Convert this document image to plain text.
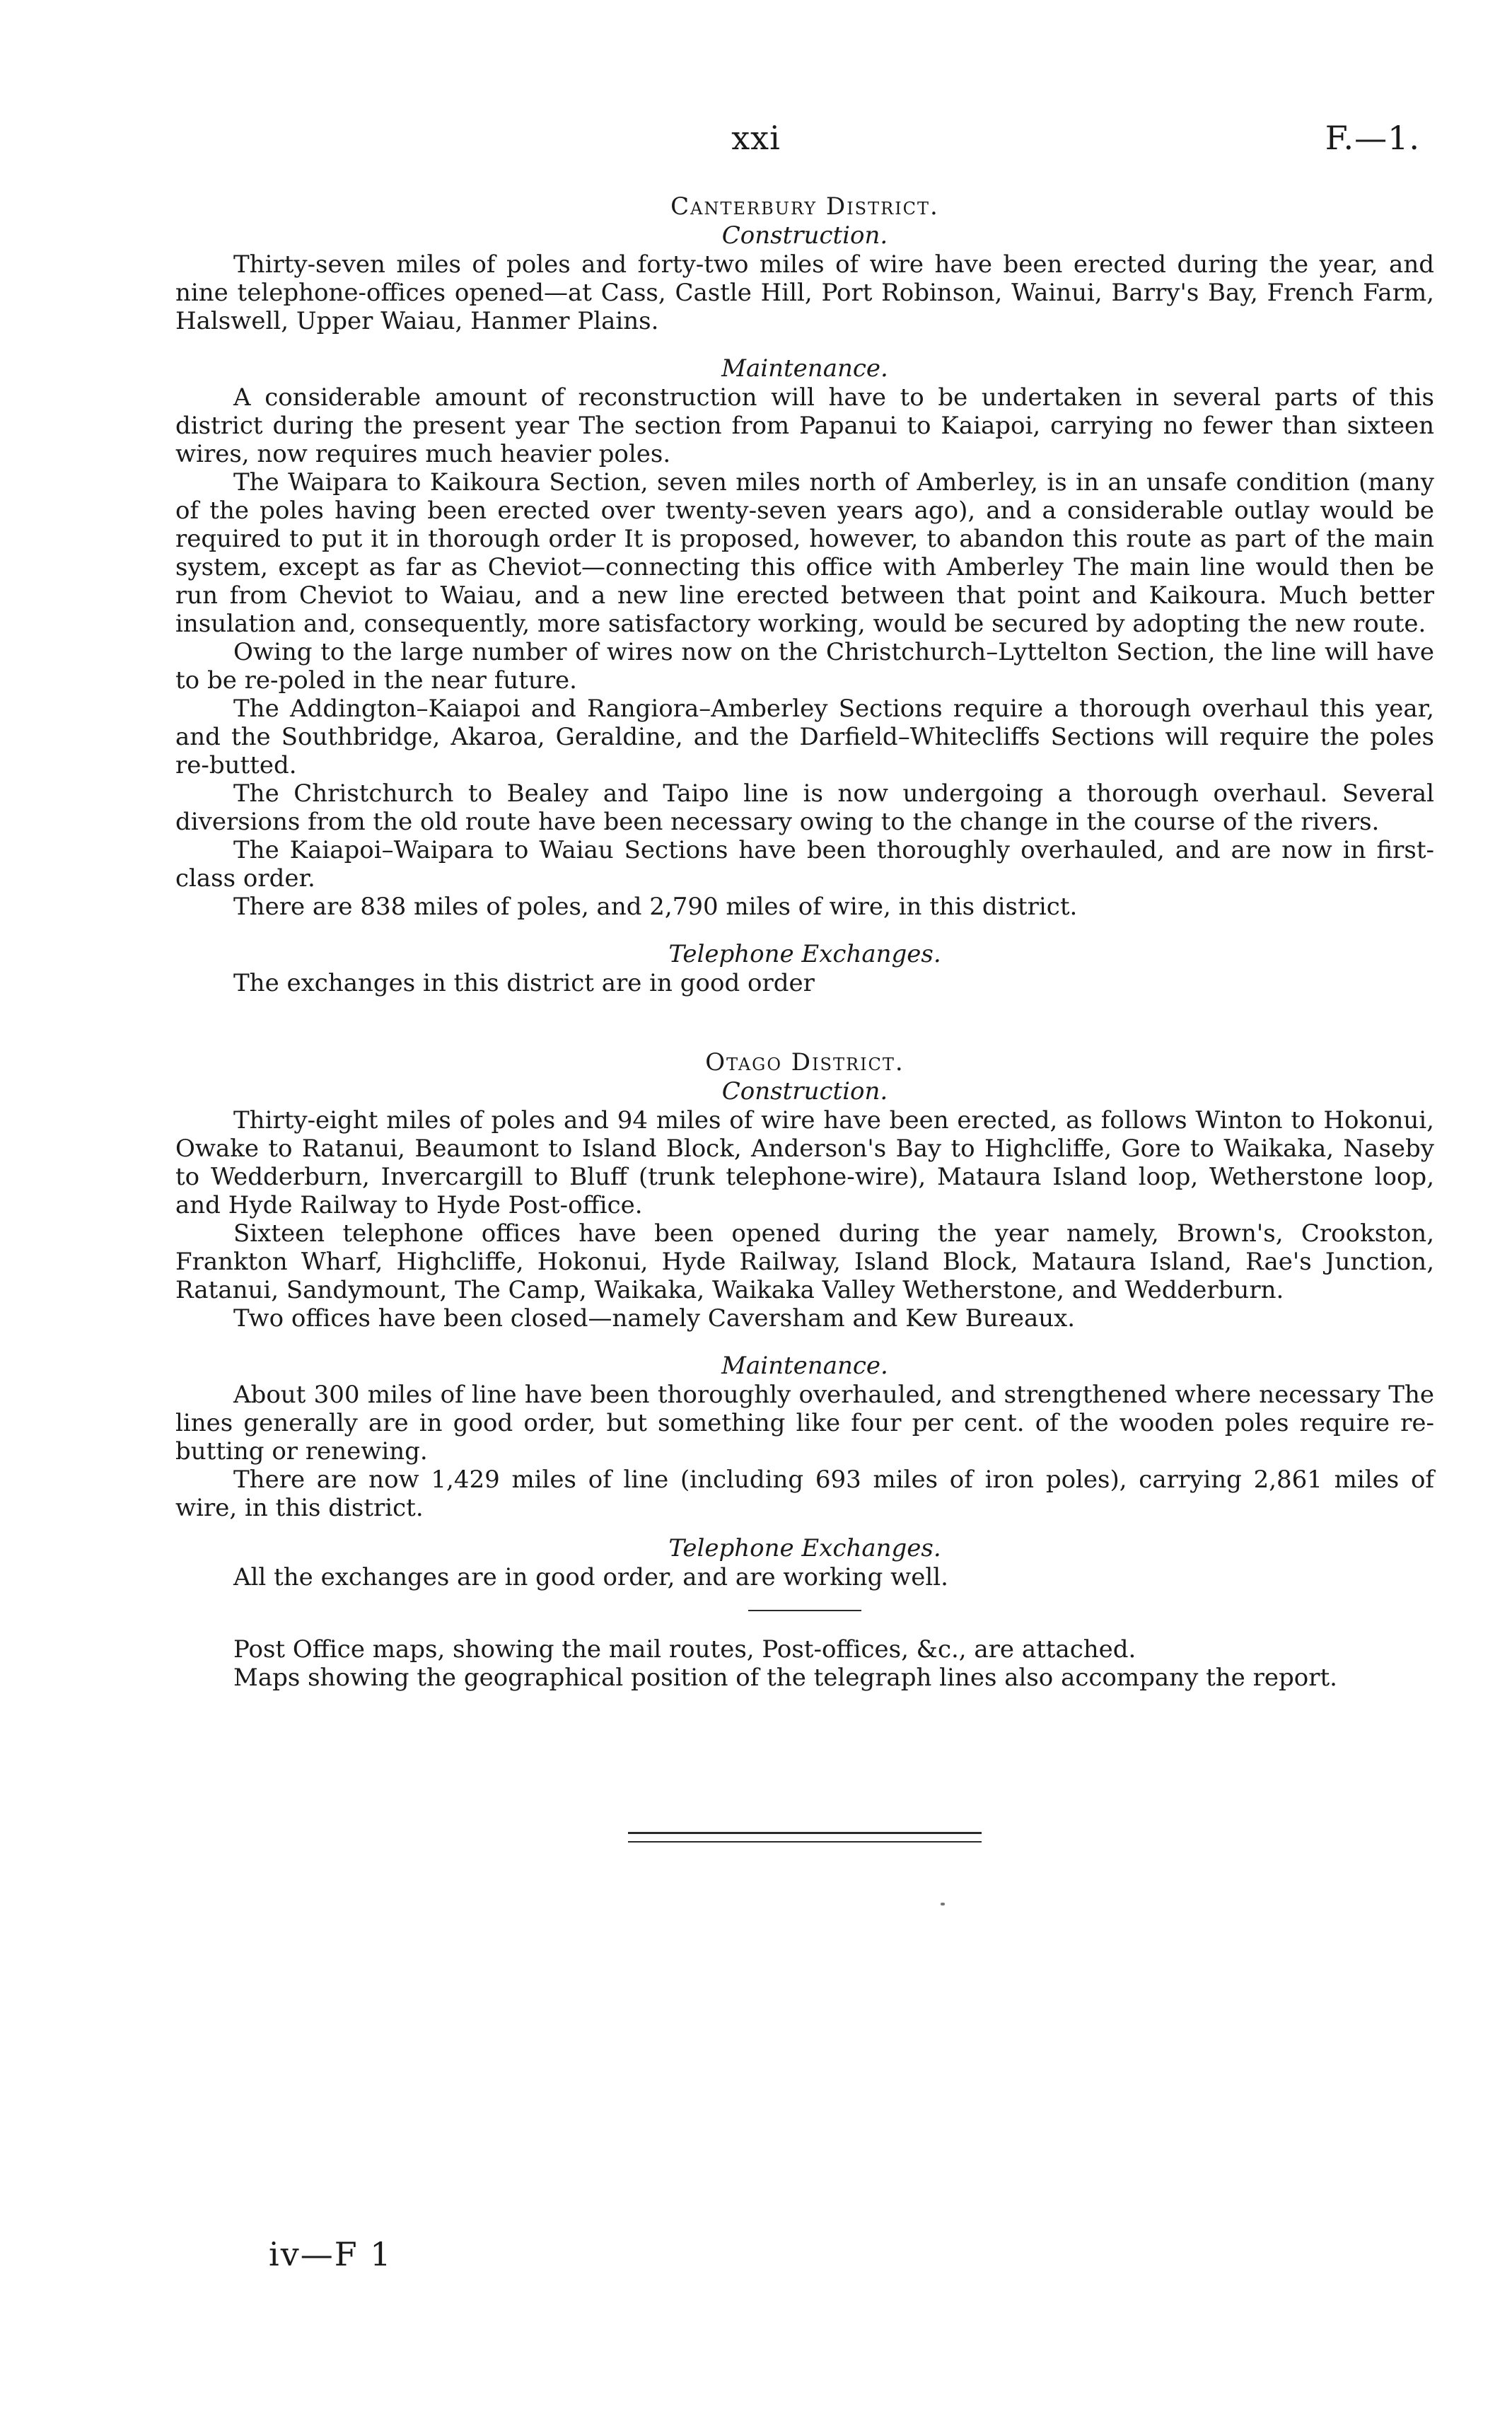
xxi	F.—1.
Canterbury District.
Construction.

Thirty-seven miles of poles and forty-two miles of wire have been erected during the year, and nine telephone-offices opened—at Cass, Castle Hill, Port Robinson, Wainui, Barry's Bay, French Farm, Halswell, Upper Waiau, Hanmer Plains.

Maintenance.

A considerable amount of reconstruction will have to be undertaken in several parts of this district during the present year The section from Papanui to Kaiapoi, carrying no fewer than sixteen wires, now requires much heavier poles.

The Waipara to Kaikoura Section, seven miles north of Amberley, is in an unsafe condition (many of the poles having been erected over twenty-seven years ago), and a considerable outlay would be required to put it in thorough order It is proposed, however, to abandon this route as part of the main system, except as far as Cheviot—connecting this office with Amberley The main line would then be run from Cheviot to Waiau, and a new line erected between that point and Kaikoura. Much better insulation and, consequently, more satisfactory working, would be secured by adopting the new route.

Owing to the large number of wires now on the Christchurch–Lyttelton Section, the line will have to be re-poled in the near future.

The Addington–Kaiapoi and Rangiora–Amberley Sections require a thorough overhaul this year, and the Southbridge, Akaroa, Geraldine, and the Darfield–Whitecliffs Sections will require the poles re-butted.

The Christchurch to Bealey and Taipo line is now undergoing a thorough overhaul. Several diversions from the old route have been necessary owing to the change in the course of the rivers.

The Kaiapoi–Waipara to Waiau Sections have been thoroughly overhauled, and are now in first-class order.

There are 838 miles of poles, and 2,790 miles of wire, in this district.

Telephone Exchanges.

The exchanges in this district are in good order

Otago District.
Construction.

Thirty-eight miles of poles and 94 miles of wire have been erected, as follows Winton to Hokonui, Owake to Ratanui, Beaumont to Island Block, Anderson's Bay to Highcliffe, Gore to Waikaka, Naseby to Wedderburn, Invercargill to Bluff (trunk telephone-wire), Mataura Island loop, Wetherstone loop, and Hyde Railway to Hyde Post-office.

Sixteen telephone offices have been opened during the year namely, Brown's, Crookston, Frankton Wharf, Highcliffe, Hokonui, Hyde Railway, Island Block, Mataura Island, Rae's Junction, Ratanui, Sandymount, The Camp, Waikaka, Waikaka Valley Wetherstone, and Wedderburn.

Two offices have been closed—namely Caversham and Kew Bureaux.

Maintenance.

About 300 miles of line have been thoroughly overhauled, and strengthened where necessary The lines generally are in good order, but something like four per cent. of the wooden poles require re-butting or renewing.

There are now 1,429 miles of line (including 693 miles of iron poles), carrying 2,861 miles of wire, in this district.

Telephone Exchanges.

All the exchanges are in good order, and are working well.

Post Office maps, showing the mail routes, Post-offices, &c., are attached.

Maps showing the geographical position of the telegraph lines also accompany the report.

iv—F 1
